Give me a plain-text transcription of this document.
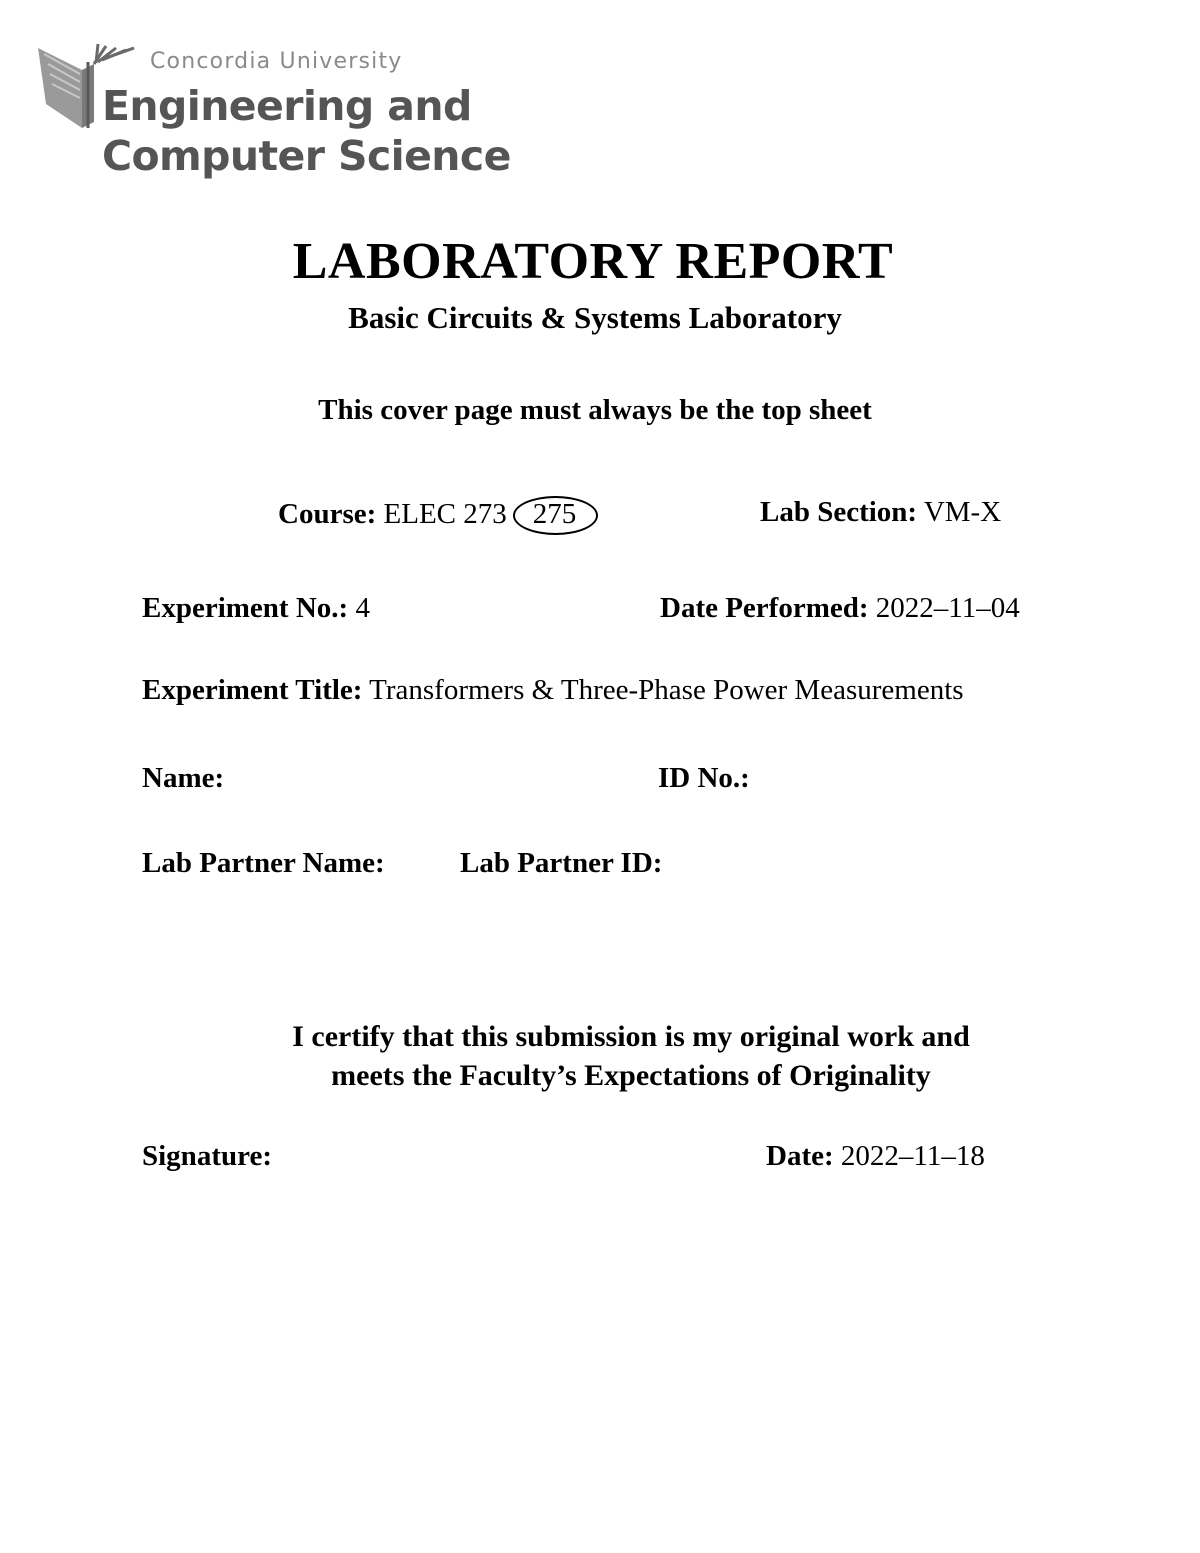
Concordia University
Engineering and
Computer Science
LABORATORY REPORT
Basic Circuits & Systems Laboratory
This cover page must always be the top sheet
Course: ELEC 273 275	Lab Section: VM-X
Experiment No.: 4	Date Performed: 2022–11–04
Experiment Title: Transformers & Three-Phase Power Measurements
Name:	ID No.:
Lab Partner Name:	Lab Partner ID:
I certify that this submission is my original work and
meets the Faculty’s Expectations of Originality
Signature:	Date: 2022–11–18
